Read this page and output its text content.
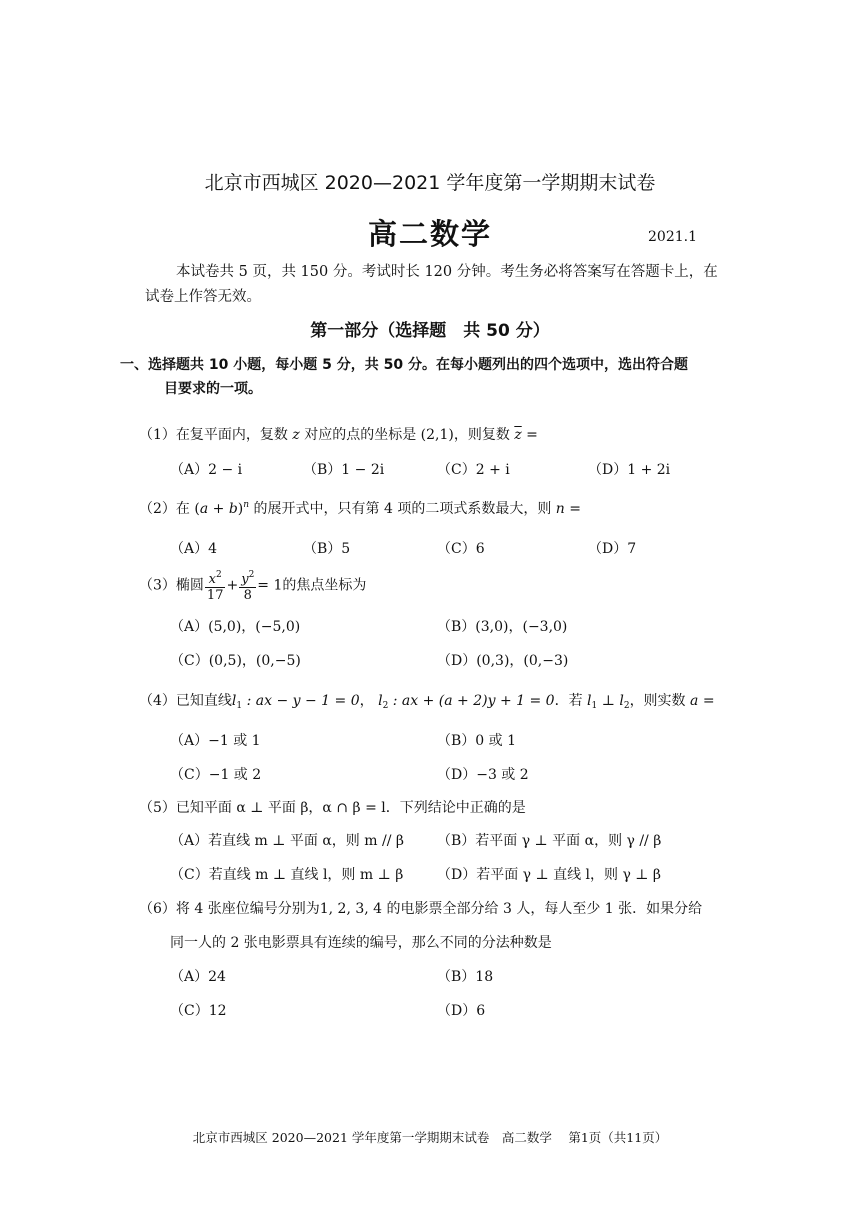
北京市西城区 2020—2021 学年度第一学期期末试卷
高二数学	2021.1
本试卷共 5 页，共 150 分。考试时长 120 分钟。考生务必将答案写在答题卡上，在
试卷上作答无效。
第一部分（选择题　共 50 分）
一、选择题共 10 小题，每小题 5 分，共 50 分。在每小题列出的四个选项中，选出符合题
目要求的一项。
（1）在复平面内，复数 z 对应的点的坐标是 (2,1)，则复数 $\overline{z}$ =
（A）2 − i	（B）1 − 2i	（C）2 + i	（D）1 + 2i
（2）在 $(a + b)^n$ 的展开式中，只有第 4 项的二项式系数最大，则 n =
（A）4	（B）5	（C）6	（D）7
（3）椭圆 $\frac{x^2}{17} + \frac{y^2}{8} = 1$的焦点坐标为
（A）(5,0)，(−5,0)	（B）(3,0)，(−3,0)
（C）(0,5)，(0,−5)	（D）(0,3)，(0,−3)
（4）已知直线$l_1$ : ax − y − 1 = 0， $l_2$ : ax + (a + 2)y + 1 = 0．若 $l_1$ ⊥ $l_2$，则实数 a =
（A）−1 或 1	（B）0 或 1
（C）−1 或 2	（D）−3 或 2
（5）已知平面 α ⊥ 平面 β，α ∩ β = l．下列结论中正确的是
（A）若直线 m ⊥ 平面 α，则 m // β （B）若平面 γ ⊥ 平面 α，则 γ // β
（C）若直线 m ⊥ 直线 l，则 m ⊥ β （D）若平面 γ ⊥ 直线 l，则 γ ⊥ β
（6）将 4 张座位编号分别为1, 2, 3, 4 的电影票全部分给 3 人，每人至少 1 张．如果分给
同一人的 2 张电影票具有连续的编号，那么不同的分法种数是
（A）24	（B）18
（C）12	（D）6
北京市西城区 2020—2021 学年度第一学期期末试卷　高二数学　 第1页（共11页）
